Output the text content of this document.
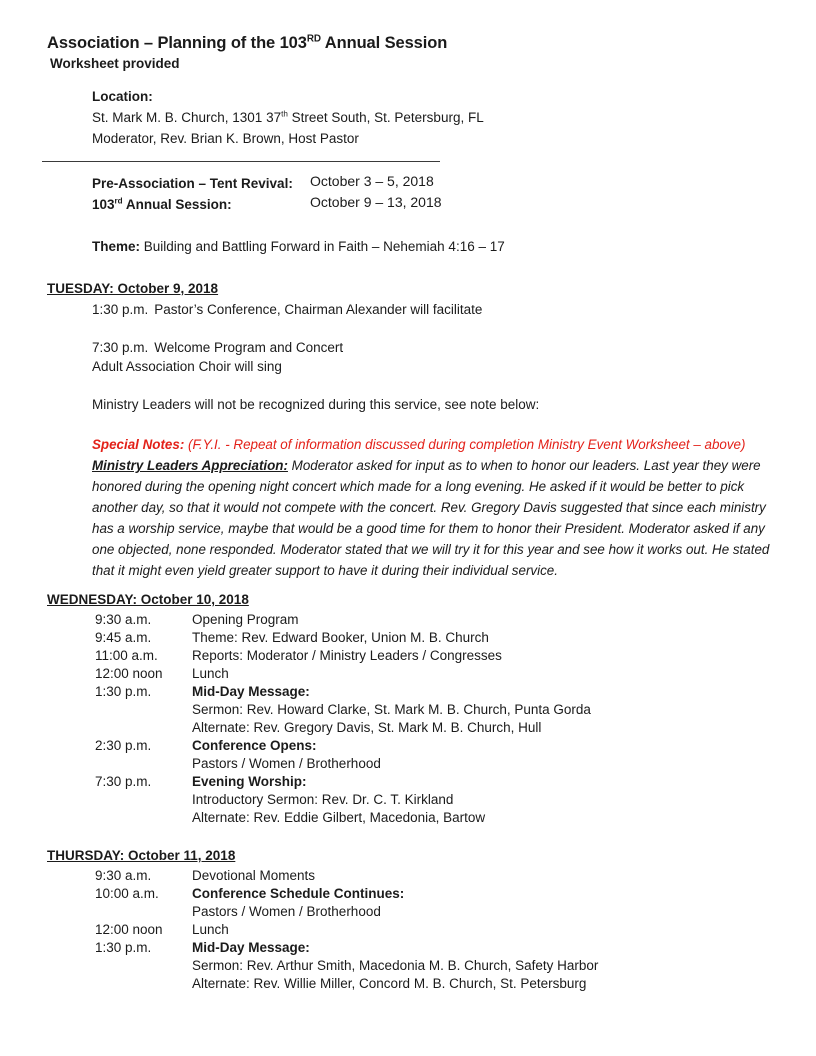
Association – Planning of the 103RD Annual Session
Worksheet provided
Location:
St. Mark M. B. Church, 1301 37th Street South, St. Petersburg, FL
Moderator, Rev. Brian K. Brown, Host Pastor
Pre-Association – Tent Revival:	October 3 – 5, 2018
103rd Annual Session:	October 9 – 13, 2018
Theme: Building and Battling Forward in Faith – Nehemiah 4:16 – 17
TUESDAY: October 9, 2018
1:30 p.m. Pastor’s Conference, Chairman Alexander will facilitate
7:30 p.m. Welcome Program and Concert
Adult Association Choir will sing
Ministry Leaders will not be recognized during this service, see note below:
Special Notes: (F.Y.I. - Repeat of information discussed during completion Ministry Event Worksheet – above)
Ministry Leaders Appreciation: Moderator asked for input as to when to honor our leaders. Last year they were honored during the opening night concert which made for a long evening. He asked if it would be better to pick another day, so that it would not compete with the concert. Rev. Gregory Davis suggested that since each ministry has a worship service, maybe that would be a good time for them to honor their President. Moderator asked if any one objected, none responded. Moderator stated that we will try it for this year and see how it works out. He stated that it might even yield greater support to have it during their individual service.
WEDNESDAY: October 10, 2018
9:30 a.m.	Opening Program
9:45 a.m.	Theme: Rev. Edward Booker, Union M. B. Church
11:00 a.m.	Reports: Moderator / Ministry Leaders / Congresses
12:00 noon	Lunch
1:30 p.m.	Mid-Day Message:
Sermon: Rev. Howard Clarke, St. Mark M. B. Church, Punta Gorda
Alternate: Rev. Gregory Davis, St. Mark M. B. Church, Hull
2:30 p.m.	Conference Opens:
Pastors / Women / Brotherhood
7:30 p.m.	Evening Worship:
Introductory Sermon: Rev. Dr. C. T. Kirkland
Alternate: Rev. Eddie Gilbert, Macedonia, Bartow
THURSDAY: October 11, 2018
9:30 a.m.	Devotional Moments
10:00 a.m.	Conference Schedule Continues:
Pastors / Women / Brotherhood
12:00 noon	Lunch
1:30 p.m.	Mid-Day Message:
Sermon: Rev. Arthur Smith, Macedonia M. B. Church, Safety Harbor
Alternate: Rev. Willie Miller, Concord M. B. Church, St. Petersburg
